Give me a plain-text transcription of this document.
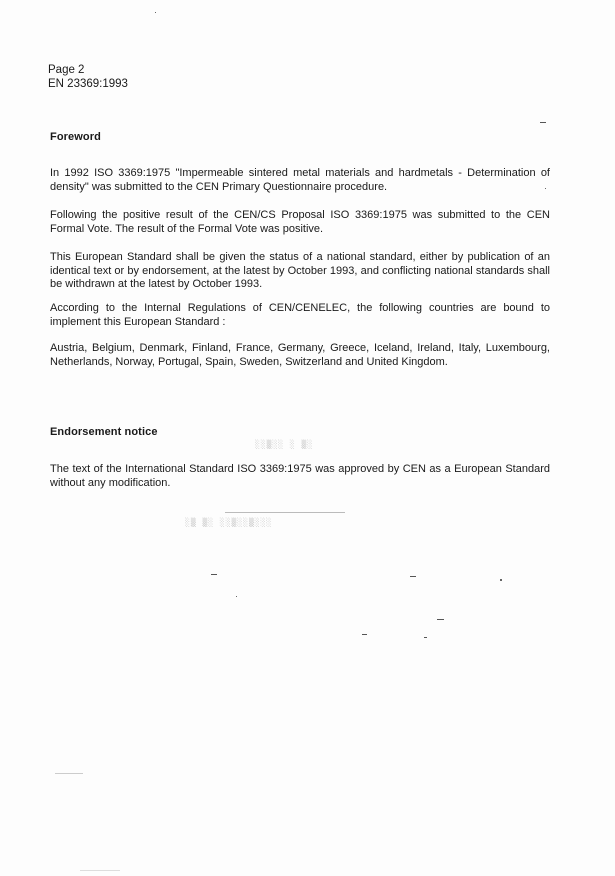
Page 2
EN 23369:1993
Foreword

In 1992 ISO 3369:1975 "Impermeable sintered metal materials and hardmetals - Determination of density" was submitted to the CEN Primary Questionnaire procedure.

Following the positive result of the CEN/CS Proposal ISO 3369:1975 was submitted to the CEN Formal Vote. The result of the Formal Vote was positive.

This European Standard shall be given the status of a national standard, either by publication of an identical text or by endorsement, at the latest by October 1993, and conflicting national standards shall be withdrawn at the latest by October 1993.

According to the Internal Regulations of CEN/CENELEC, the following countries are bound to implement this European Standard :

Austria, Belgium, Denmark, Finland, France, Germany, Greece, Iceland, Ireland, Italy, Luxembourg, Netherlands, Norway, Portugal, Spain, Sweden, Switzerland and United Kingdom.

Endorsement notice

The text of the International Standard ISO 3369:1975 was approved by CEN as a European Standard without any modification.

░░▒░░ ░ ▒░
░▒ ▒░ ░░▒░░▒░░░
